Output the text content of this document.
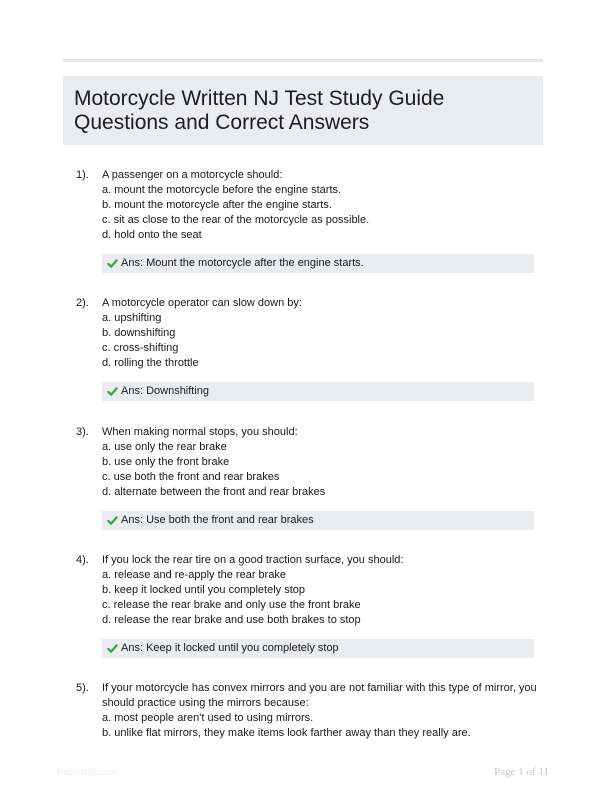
Motorcycle Written NJ Test Study Guide
Questions and Correct Answers
1). A passenger on a motorcycle should:
a. mount the motorcycle before the engine starts.
b. mount the motorcycle after the engine starts.
c. sit as close to the rear of the motorcycle as possible.
d. hold onto the seat
Ans: Mount the motorcycle after the engine starts.
2). A motorcycle operator can slow down by:
a. upshifting
b. downshifting
c. cross-shifting
d. rolling the throttle
Ans: Downshifting
3). When making normal stops, you should:
a. use only the rear brake
b. use only the front brake
c. use both the front and rear brakes
d. alternate between the front and rear brakes
Ans: Use both the front and rear brakes
4). If you lock the rear tire on a good traction surface, you should:
a. release and re-apply the rear brake
b. keep it locked until you completely stop
c. release the rear brake and only use the front brake
d. release the rear brake and use both brakes to stop
Ans: Keep it locked until you completely stop
5). If your motorcycle has convex mirrors and you are not familiar with this type of mirror, you
should practice using the mirrors because:
a. most people aren't used to using mirrors.
b. unlike flat mirrors, they make items look farther away than they really are.
Paperlthic.com	Page 1 of 11
